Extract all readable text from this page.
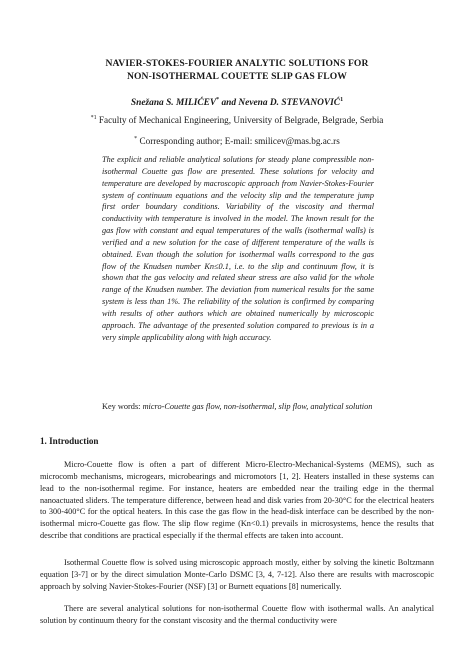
NAVIER-STOKES-FOURIER ANALYTIC SOLUTIONS FOR
NON-ISOTHERMAL COUETTE SLIP GAS FLOW
Snežana S. MILIĆEV* and Nevena D. STEVANOVIĆ$^1$
$^{*1}$ Faculty of Mechanical Engineering, University of Belgrade, Belgrade, Serbia
* Corresponding author; E-mail: smilicev@mas.bg.ac.rs

The explicit and reliable analytical solutions for steady plane compressible non-isothermal Couette gas flow are presented. These solutions for velocity and temperature are developed by macroscopic approach from Navier-Stokes-Fourier system of continuum equations and the velocity slip and the temperature jump first order boundary conditions. Variability of the viscosity and thermal conductivity with temperature is involved in the model. The known result for the gas flow with constant and equal temperatures of the walls (isothermal walls) is verified and a new solution for the case of different temperature of the walls is obtained. Evan though the solution for isothermal walls correspond to the gas flow of the Knudsen number Kn≤0.1, i.e. to the slip and continuum flow, it is shown that the gas velocity and related shear stress are also valid for the whole range of the Knudsen number. The deviation from numerical results for the same system is less than 1%. The reliability of the solution is confirmed by comparing with results of other authors which are obtained numerically by microscopic approach. The advantage of the presented solution compared to previous is in a very simple applicability along with high accuracy.

Key words: micro-Couette gas flow, non-isothermal, slip flow, analytical solution

1. Introduction

Micro-Couette flow is often a part of different Micro-Electro-Mechanical-Systems (MEMS), such as microcomb mechanisms, microgears, microbearings and micromotors [1, 2]. Heaters installed in these systems can lead to the non-isothermal regime. For instance, heaters are embedded near the trailing edge in the thermal nanoactuated sliders. The temperature difference, between head and disk varies from 20-30°C for the electrical heaters to 300-400°C for the optical heaters. In this case the gas flow in the head-disk interface can be described by the non-isothermal micro-Couette gas flow. The slip flow regime (Kn<0.1) prevails in microsystems, hence the results that describe that conditions are practical especially if the thermal effects are taken into account.

Isothermal Couette flow is solved using microscopic approach mostly, either by solving the kinetic Boltzmann equation [3-7] or by the direct simulation Monte-Carlo DSMC [3, 4, 7-12]. Also there are results with macroscopic approach by solving Navier-Stokes-Fourier (NSF) [3] or Burnett equations [8] numerically.

There are several analytical solutions for non-isothermal Couette flow with isothermal walls. An analytical solution by continuum theory for the constant viscosity and the thermal conductivity were
